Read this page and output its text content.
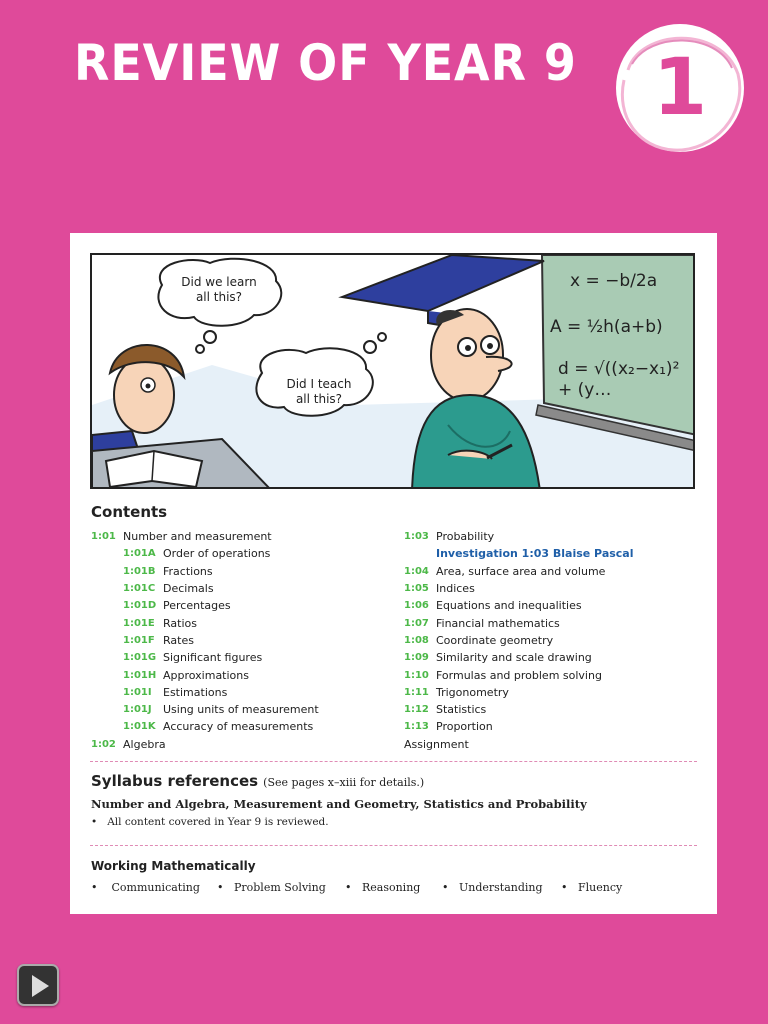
REVIEW OF YEAR 9 1
Did we learn all this?
Did I teach all this?
x = −b/2a
A = ½h(a+b)
d = √((x₂−x₁)² + (y…
Contents
1:01 Number and measurement
1:01A Order of operations
1:01B Fractions
1:01C Decimals
1:01D Percentages
1:01E Ratios
1:01F Rates
1:01G Significant figures
1:01H Approximations
1:01I	Estimations
1:01J	Using units of measurement
1:01K Accuracy of measurements
1:02 Algebra
1:03 Probability
Investigation 1:03 Blaise Pascal
1:04 Area, surface area and volume
1:05 Indices
1:06 Equations and inequalities
1:07 Financial mathematics
1:08 Coordinate geometry
1:09 Similarity and scale drawing
1:10 Formulas and problem solving
1:11 Trigonometry
1:12 Statistics
1:13 Proportion
Assignment
Syllabus references (See pages x–xiii for details.)
Number and Algebra, Measurement and Geometry, Statistics and Probability
•   All content covered in Year 9 is reviewed.
Working Mathematically
•    Communicating •   Problem Solving •   Reasoning •   Understanding •   Fluency
